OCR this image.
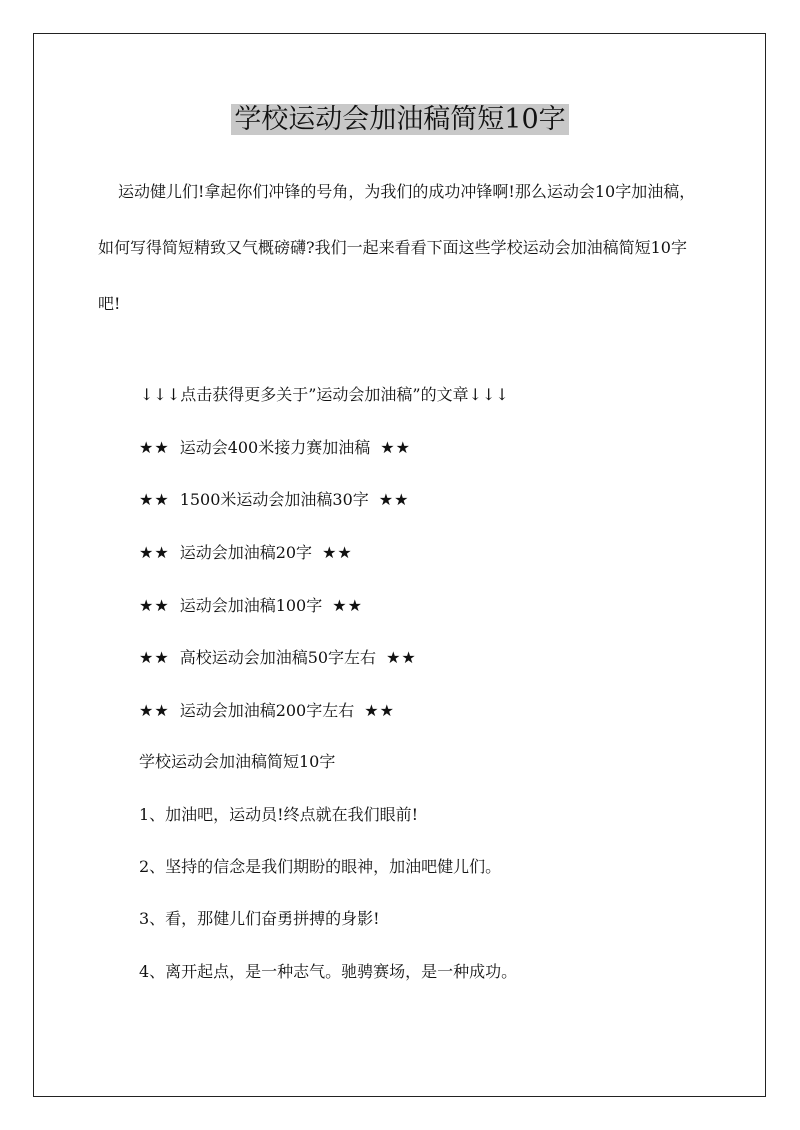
学校运动会加油稿简短10字

运动健儿们!拿起你们冲锋的号角，为我们的成功冲锋啊!那么运动会10字加油稿，如何写得简短精致又气概磅礴?我们一起来看看下面这些学校运动会加油稿简短10字吧!

↓↓↓点击获得更多关于”运动会加油稿”的文章↓↓↓
★★ 运动会400米接力赛加油稿 ★★
★★ 1500米运动会加油稿30字 ★★
★★ 运动会加油稿20字 ★★
★★ 运动会加油稿100字 ★★
★★ 高校运动会加油稿50字左右 ★★
★★ 运动会加油稿200字左右 ★★
学校运动会加油稿简短10字
1、加油吧，运动员!终点就在我们眼前!
2、坚持的信念是我们期盼的眼神，加油吧健儿们。
3、看，那健儿们奋勇拼搏的身影!
4、离开起点，是一种志气。驰骋赛场，是一种成功。
